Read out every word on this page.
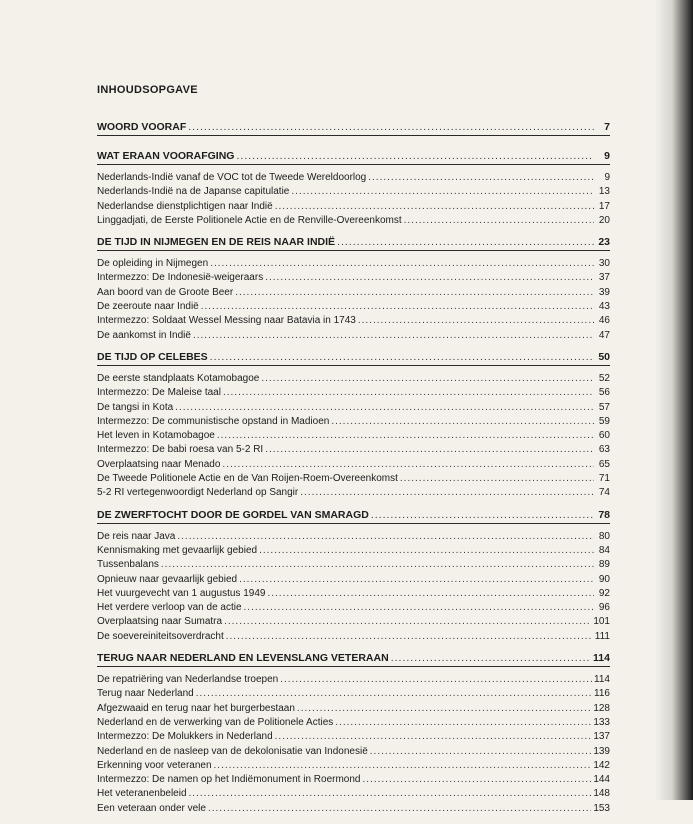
INHOUDSOPGAVE
WOORD VOORAF .....	7
WAT ERAAN VOORAFGING .....	9
Nederlands-Indië vanaf de VOC tot de Tweede Wereldoorlog .....	9
Nederlands-Indië na de Japanse capitulatie .....	13
Nederlandse dienstplichtigen naar Indië .....	17
Linggadjati, de Eerste Politionele Actie en de Renville-Overeenkomst .....	20
DE TIJD IN NIJMEGEN EN DE REIS NAAR INDIË .....	23
De opleiding in Nijmegen .....	30
Intermezzo: De Indonesië-weigeraars .....	37
Aan boord van de Groote Beer .....	39
De zeeroute naar Indië .....	43
Intermezzo: Soldaat Wessel Messing naar Batavia in 1743 .....	46
De aankomst in Indië .....	47
DE TIJD OP CELEBES .....	50
De eerste standplaats Kotamobagoe .....	52
Intermezzo: De Maleise taal .....	56
De tangsi in Kota .....	57
Intermezzo: De communistische opstand in Madioen .....	59
Het leven in Kotamobagoe .....	60
Intermezzo: De babi roesa van 5-2 RI .....	63
Overplaatsing naar Menado .....	65
De Tweede Politionele Actie en de Van Roijen-Roem-Overeenkomst .....	71
5-2 RI vertegenwoordigt Nederland op Sangir .....	74
DE ZWERFTOCHT DOOR DE GORDEL VAN SMARAGD .....	78
De reis naar Java .....	80
Kennismaking met gevaarlijk gebied .....	84
Tussenbalans .....	89
Opnieuw naar gevaarlijk gebied .....	90
Het vuurgevecht van 1 augustus 1949 .....	92
Het verdere verloop van de actie .....	96
Overplaatsing naar Sumatra .....	101
De soevereiniteitsoverdracht .....	111
TERUG NAAR NEDERLAND EN LEVENSLANG VETERAAN .....	114
De repatriëring van Nederlandse troepen .....	114
Terug naar Nederland .....	116
Afgezwaaid en terug naar het burgerbestaan .....	128
Nederland en de verwerking van de Politionele Acties .....	133
Intermezzo: De Molukkers in Nederland .....	137
Nederland en de nasleep van de dekolonisatie van Indonesië .....	139
Erkenning voor veteranen .....	142
Intermezzo: De namen op het Indiëmonument in Roermond .....	144
Het veteranenbeleid .....	148
Een veteraan onder vele .....	153
